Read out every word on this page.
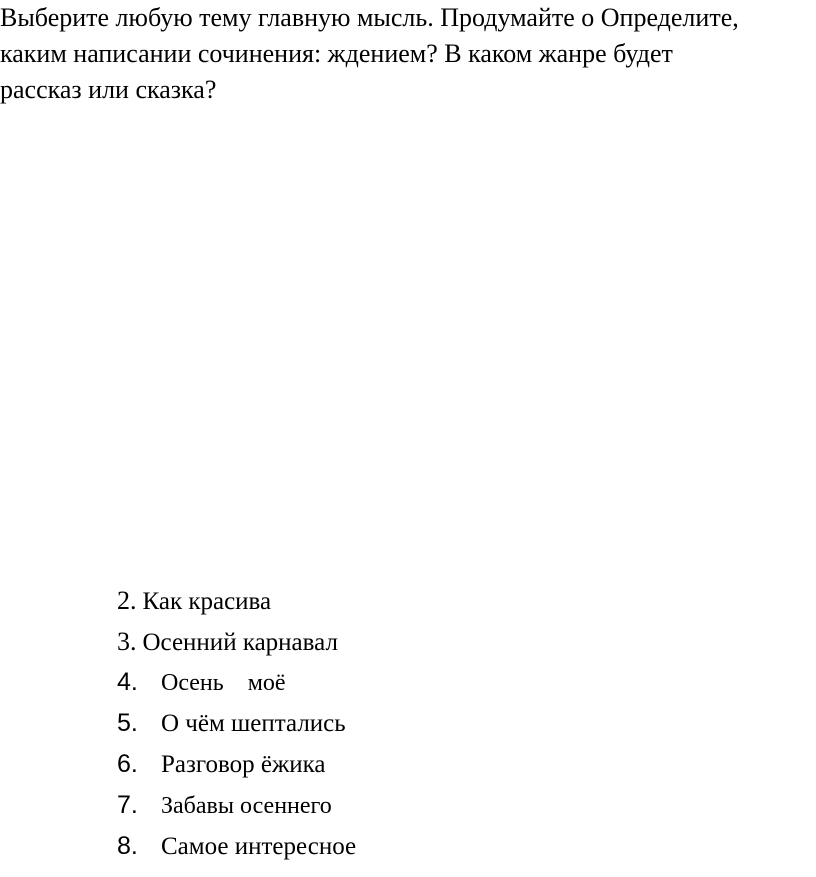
Выберите любую тему главную мысль. Продумайте о Определите,
каким написании сочинения: ждением? В каком жанре будет
рассказ или сказка?
2. Как красива
3. Осенний карнавал
4. Осень    моё
5. О чём шептались
6. Разговор ёжика
7. Забавы осеннего
8. Самое интересное
